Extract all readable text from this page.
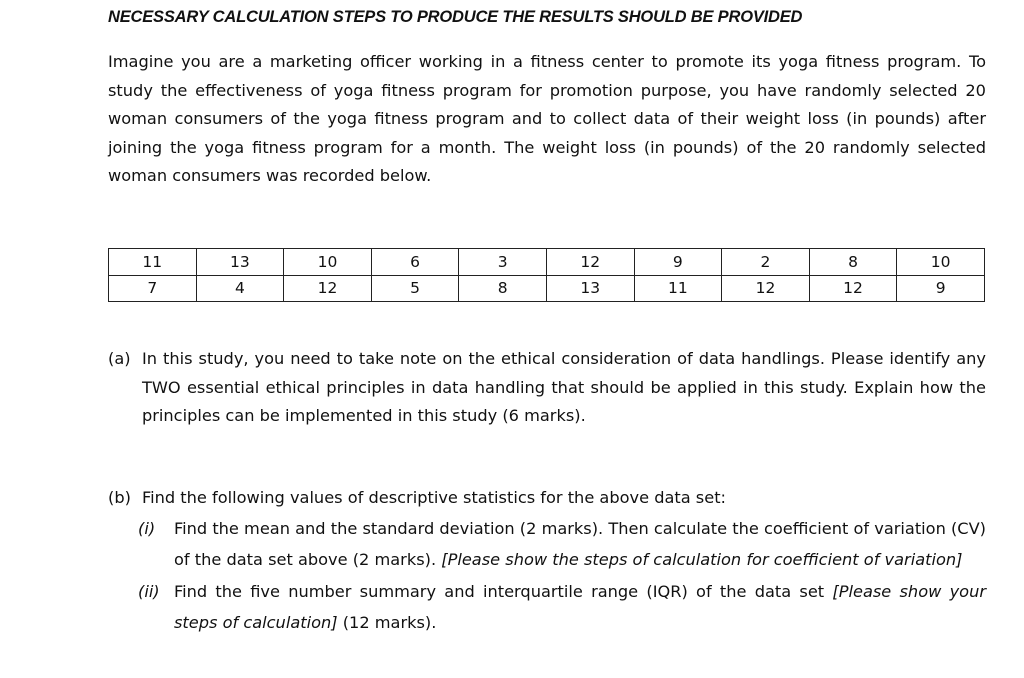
NECESSARY CALCULATION STEPS TO PRODUCE THE RESULTS SHOULD BE PROVIDED
Imagine you are a marketing officer working in a fitness center to promote its yoga fitness program. To study the effectiveness of yoga fitness program for promotion purpose, you have randomly selected 20 woman consumers of the yoga fitness program and to collect data of their weight loss (in pounds) after joining the yoga fitness program for a month. The weight loss (in pounds) of the 20 randomly selected woman consumers was recorded below.
11	13	10	6	3	12	9	2	8	10
7	4	12	5	8	13	11	12	12	9
(a) In this study, you need to take note on the ethical consideration of data handlings. Please identify any TWO essential ethical principles in data handling that should be applied in this study. Explain how the principles can be implemented in this study (6 marks).
(b) Find the following values of descriptive statistics for the above data set:
(i)	Find the mean and the standard deviation (2 marks). Then calculate the coefficient of variation (CV) of the data set above (2 marks). [Please show the steps of calculation for coefficient of variation]
(ii) Find the five number summary and interquartile range (IQR) of the data set [Please show your steps of calculation] (12 marks).
